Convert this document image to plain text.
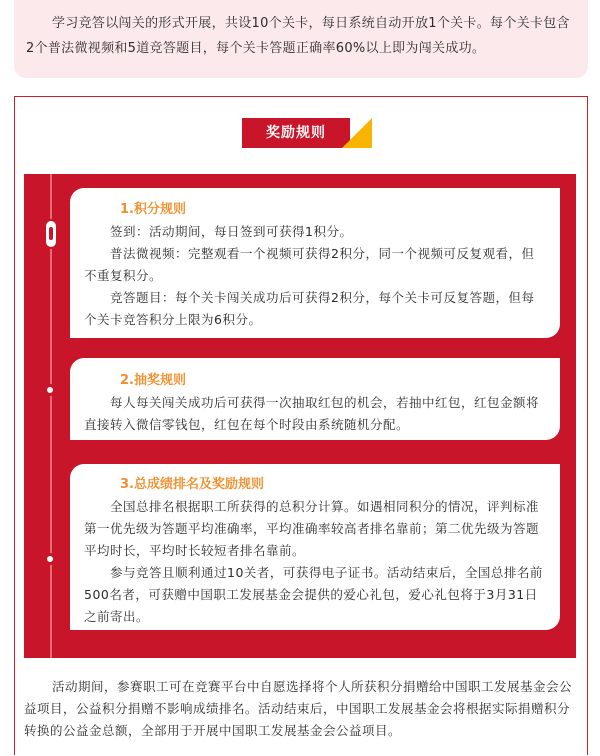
学习竞答以闯关的形式开展，共设10个关卡，每日系统自动开放1个关卡。每个关卡包含2个普法微视频和5道竞答题目，每个关卡答题正确率60%以上即为闯关成功。

奖励规则
1.积分规则

签到：活动期间，每日签到可获得1积分。

普法微视频：完整观看一个视频可获得2积分，同一个视频可反复观看，但不重复积分。

竞答题目：每个关卡闯关成功后可获得2积分，每个关卡可反复答题，但每个关卡竞答积分上限为6积分。

2.抽奖规则

每人每关闯关成功后可获得一次抽取红包的机会，若抽中红包，红包金额将直接转入微信零钱包，红包在每个时段由系统随机分配。

3.总成绩排名及奖励规则

全国总排名根据职工所获得的总积分计算。如遇相同积分的情况，评判标准第一优先级为答题平均准确率，平均准确率较高者排名靠前；第二优先级为答题平均时长，平均时长较短者排名靠前。

参与竞答且顺利通过10关者，可获得电子证书。活动结束后，全国总排名前500名者，可获赠中国职工发展基金会提供的爱心礼包，爱心礼包将于3月31日之前寄出。

活动期间，参赛职工可在竞赛平台中自愿选择将个人所获积分捐赠给中国职工发展基金会公益项目，公益积分捐赠不影响成绩排名。活动结束后，中国职工发展基金会将根据实际捐赠积分转换的公益金总额，全部用于开展中国职工发展基金会公益项目。
